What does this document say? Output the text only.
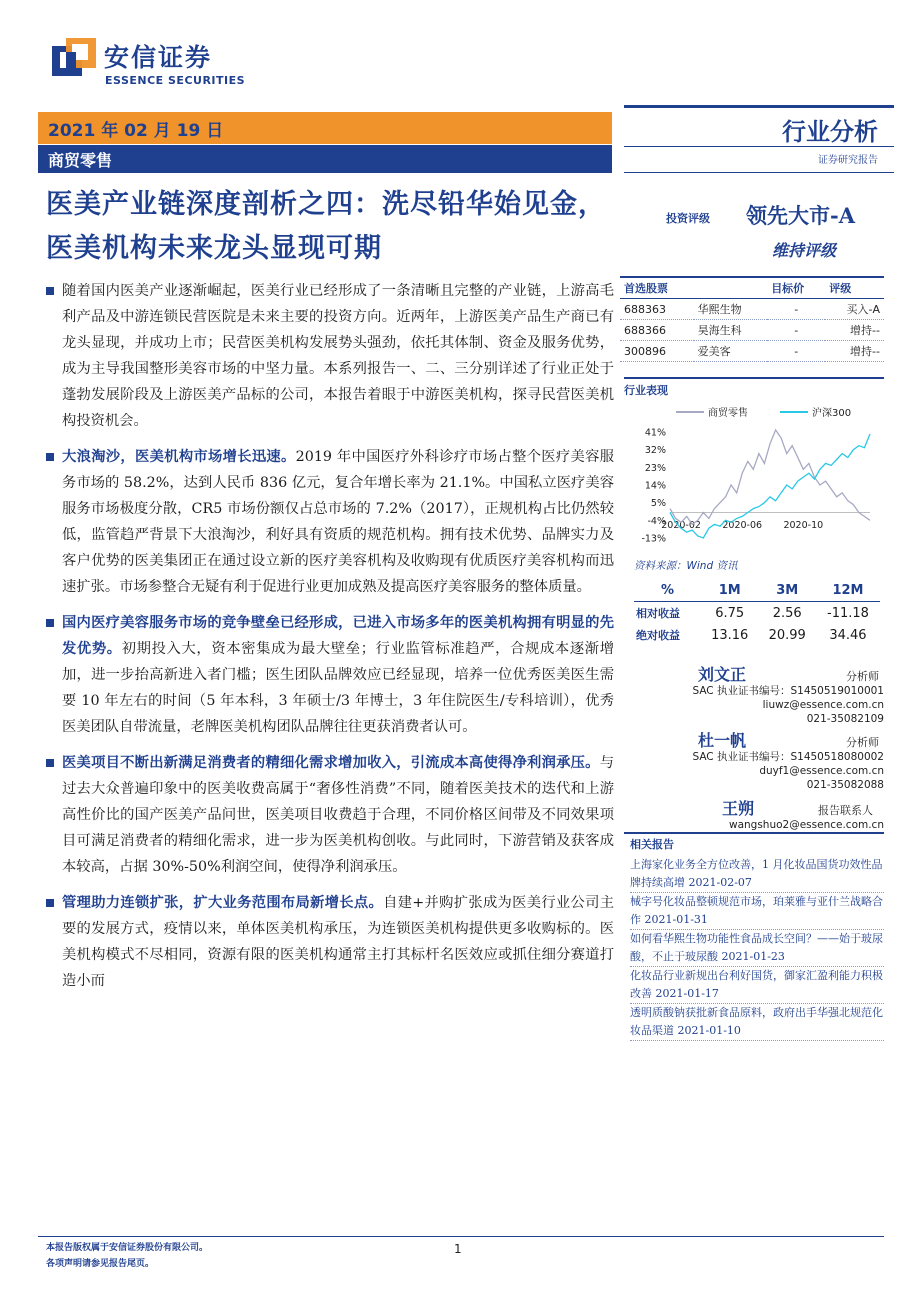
安信证券
ESSENCE SECURITIES
2021 年 02 月 19 日
商贸零售
行业分析
证券研究报告
医美产业链深度剖析之四：洗尽铅华始见金，医美机构未来龙头显现可期
投资评级 领先大市-A
维持评级
随着国内医美产业逐渐崛起，医美行业已经形成了一条清晰且完整的产业链，上游高毛利产品及中游连锁民营医院是未来主要的投资方向。近两年，上游医美产品生产商已有龙头显现，并成功上市；民营医美机构发展势头强劲，依托其体制、资金及服务优势，成为主导我国整形美容市场的中坚力量。本系列报告一、二、三分别详述了行业正处于蓬勃发展阶段及上游医美产品标的公司，本报告着眼于中游医美机构，探寻民营医美机构投资机会。
大浪淘沙，医美机构市场增长迅速。2019 年中国医疗外科诊疗市场占整个医疗美容服务市场的 58.2%，达到人民币 836 亿元，复合年增长率为 21.1%。中国私立医疗美容服务市场极度分散，CR5 市场份额仅占总市场的 7.2%（2017），正规机构占比仍然较低，监管趋严背景下大浪淘沙，利好具有资质的规范机构。拥有技术优势、品牌实力及客户优势的医美集团正在通过设立新的医疗美容机构及收购现有优质医疗美容机构而迅速扩张。市场参整合无疑有利于促进行业更加成熟及提高医疗美容服务的整体质量。
国内医疗美容服务市场的竞争壁垒已经形成，已进入市场多年的医美机构拥有明显的先发优势。初期投入大，资本密集成为最大壁垒；行业监管标准趋严，合规成本逐渐增加，进一步抬高新进入者门槛；医生团队品牌效应已经显现，培养一位优秀医美医生需要 10 年左右的时间（5 年本科，3 年硕士/3 年博士，3 年住院医生/专科培训），优秀医美团队自带流量，老牌医美机构团队品牌往往更获消费者认可。
医美项目不断出新满足消费者的精细化需求增加收入，引流成本高使得净利润承压。与过去大众普遍印象中的医美收费高属于“奢侈性消费”不同，随着医美技术的迭代和上游高性价比的国产医美产品问世，医美项目收费趋于合理，不同价格区间带及不同效果项目可满足消费者的精细化需求，进一步为医美机构创收。与此同时，下游营销及获客成本较高，占据 30%-50%利润空间，使得净利润承压。
管理助力连锁扩张，扩大业务范围布局新增长点。自建+并购扩张成为医美行业公司主要的发展方式，疫情以来，单体医美机构承压，为连锁医美机构提供更多收购标的。医美机构模式不尽相同，资源有限的医美机构通常主打其标杆名医效应或抓住细分赛道打造小而
首选股票		目标价	评级
688363	华熙生物	-	买入-A
688366	昊海生科	-	增持--
300896	爱美客	-	增持--
行业表现
商贸零售	沪深300
41%
32%
23%
14%
5%
-4%
-13%
2020-02 2020-06 2020-10
资料来源：Wind 资讯
%	1M	3M	12M
相对收益	6.75	2.56	-11.18
绝对收益	13.16	20.99	34.46
刘文正	分析师
SAC 执业证书编号：S1450519010001
liuwz@essence.com.cn
021-35082109
杜一帆	分析师
SAC 执业证书编号：S1450518080002
duyf1@essence.com.cn
021-35082088
王朔	报告联系人
wangshuo2@essence.com.cn
相关报告
上海家化业务全方位改善，1 月化妆品国货功效性品牌持续高增 2021-02-07
械字号化妆品整顿规范市场，珀莱雅与亚什兰战略合作 2021-01-31
如何看华熙生物功能性食品成长空间？——始于玻尿酸，不止于玻尿酸 2021-01-23
化妆品行业新规出台利好国货，御家汇盈利能力积极改善 2021-01-17
透明质酸钠获批新食品原料，政府出手华强北规范化妆品渠道 2021-01-10
本报告版权属于安信证券股份有限公司。
各项声明请参见报告尾页。
1
